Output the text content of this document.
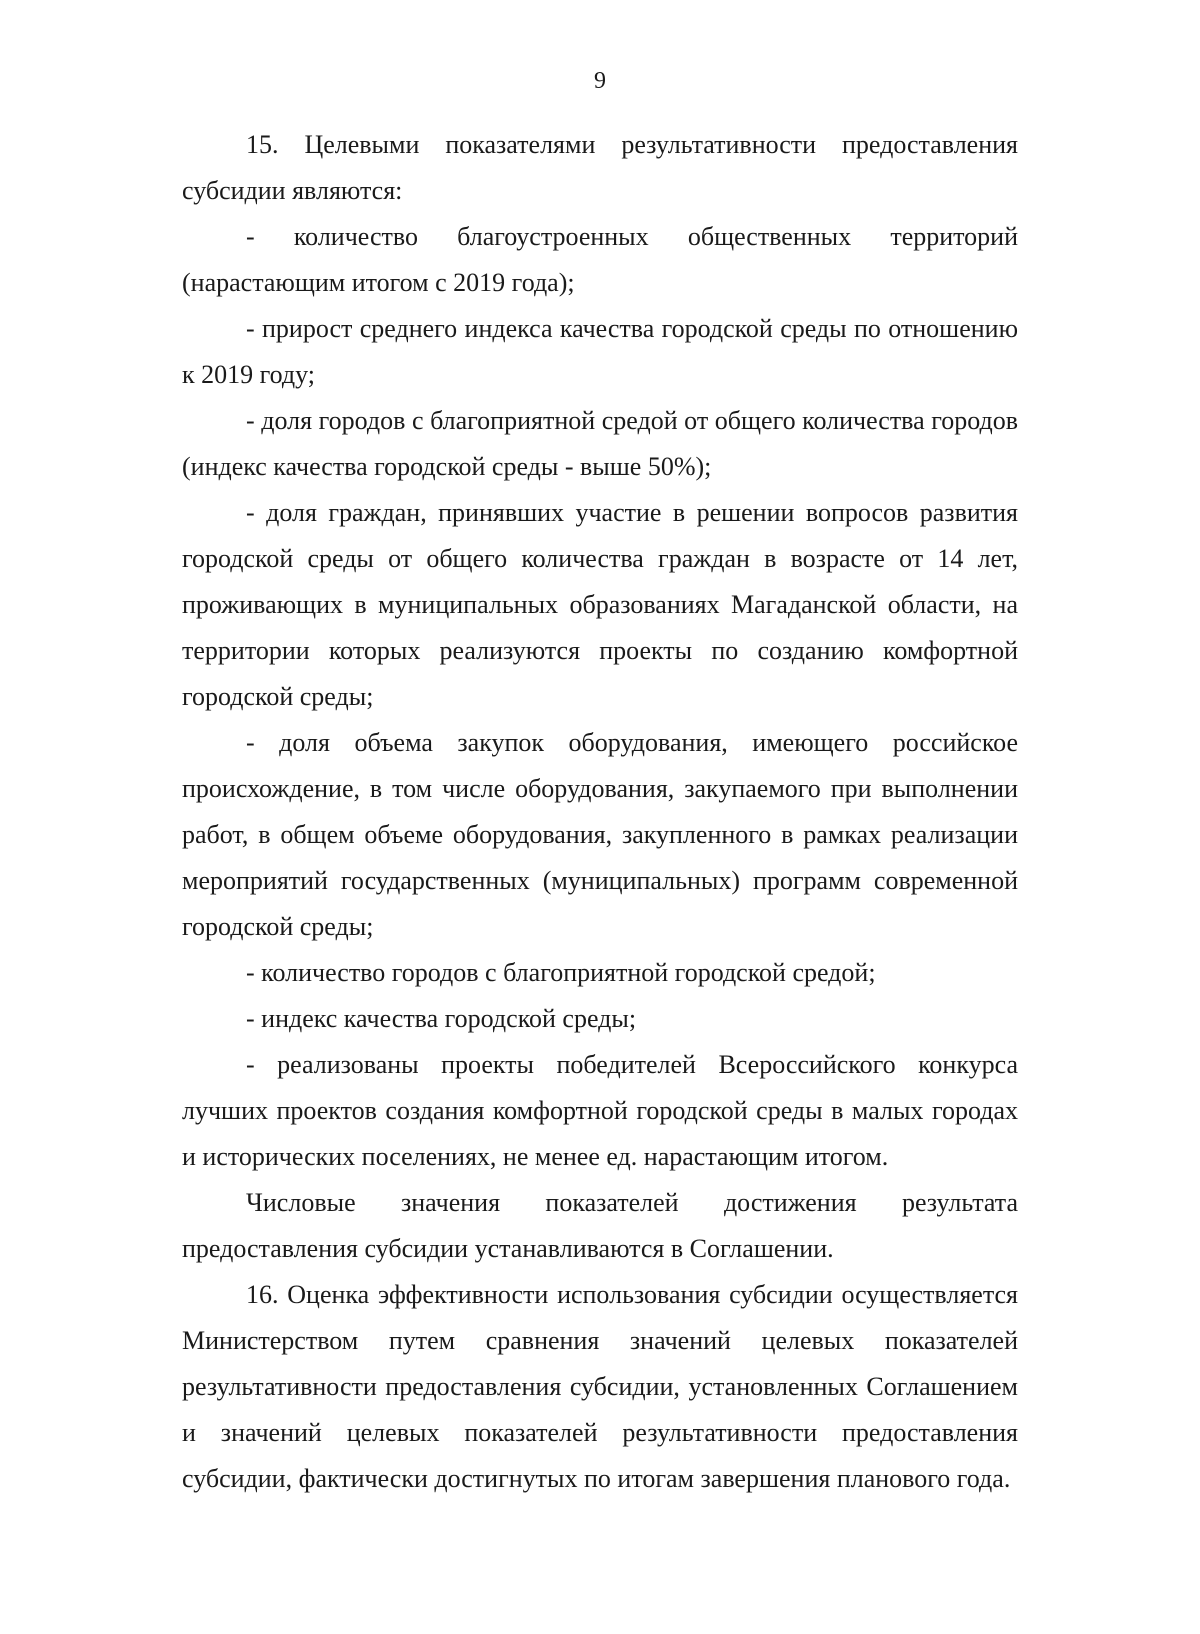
9

15. Целевыми показателями результативности предоставления субсидии являются:

- количество благоустроенных общественных территорий (нарастающим итогом с 2019 года);

- прирост среднего индекса качества городской среды по отношению к 2019 году;

- доля городов с благоприятной средой от общего количества городов (индекс качества городской среды - выше 50%);

- доля граждан, принявших участие в решении вопросов развития городской среды от общего количества граждан в возрасте от 14 лет, проживающих в муниципальных образованиях Магаданской области, на территории которых реализуются проекты по созданию комфортной городской среды;

- доля объема закупок оборудования, имеющего российское происхождение, в том числе оборудования, закупаемого при выполнении работ, в общем объеме оборудования, закупленного в рамках реализации мероприятий государственных (муниципальных) программ современной городской среды;

- количество городов с благоприятной городской средой;

- индекс качества городской среды;

- реализованы проекты победителей Всероссийского конкурса лучших проектов создания комфортной городской среды в малых городах и исторических поселениях, не менее ед. нарастающим итогом.

Числовые значения показателей достижения результата предоставления субсидии устанавливаются в Соглашении.

16. Оценка эффективности использования субсидии осуществляется Министерством путем сравнения значений целевых показателей результативности предоставления субсидии, установленных Соглашением и значений целевых показателей результативности предоставления субсидии, фактически достигнутых по итогам завершения планового года.
